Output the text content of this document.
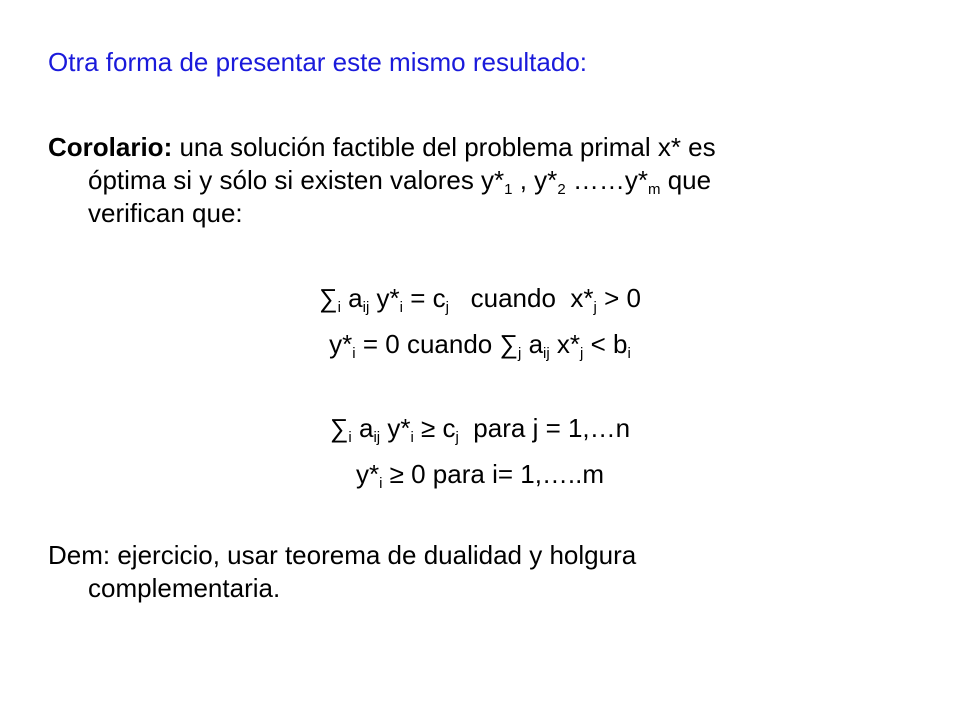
Otra forma de presentar este mismo resultado:
Corolario: una solución factible del problema primal x* es
óptima si y sólo si existen valores $y*_1$ , $y*_2$ $\dots\dots y*_m$ que
verifican que:
$\sum_i$ $a_{ij}$ $y*_i = c_j$   cuando  $x*_j > 0$
$y*_i = 0$ cuando $\sum_j$ $a_{ij}$ $x*_j < b_i$
$\sum_i$ $a_{ij}$ $y*_i \ge c_j$  para j = 1,…n
$y*_i \ge 0$ para i= 1,…..m
Dem: ejercicio, usar teorema de dualidad y holgura
complementaria.
